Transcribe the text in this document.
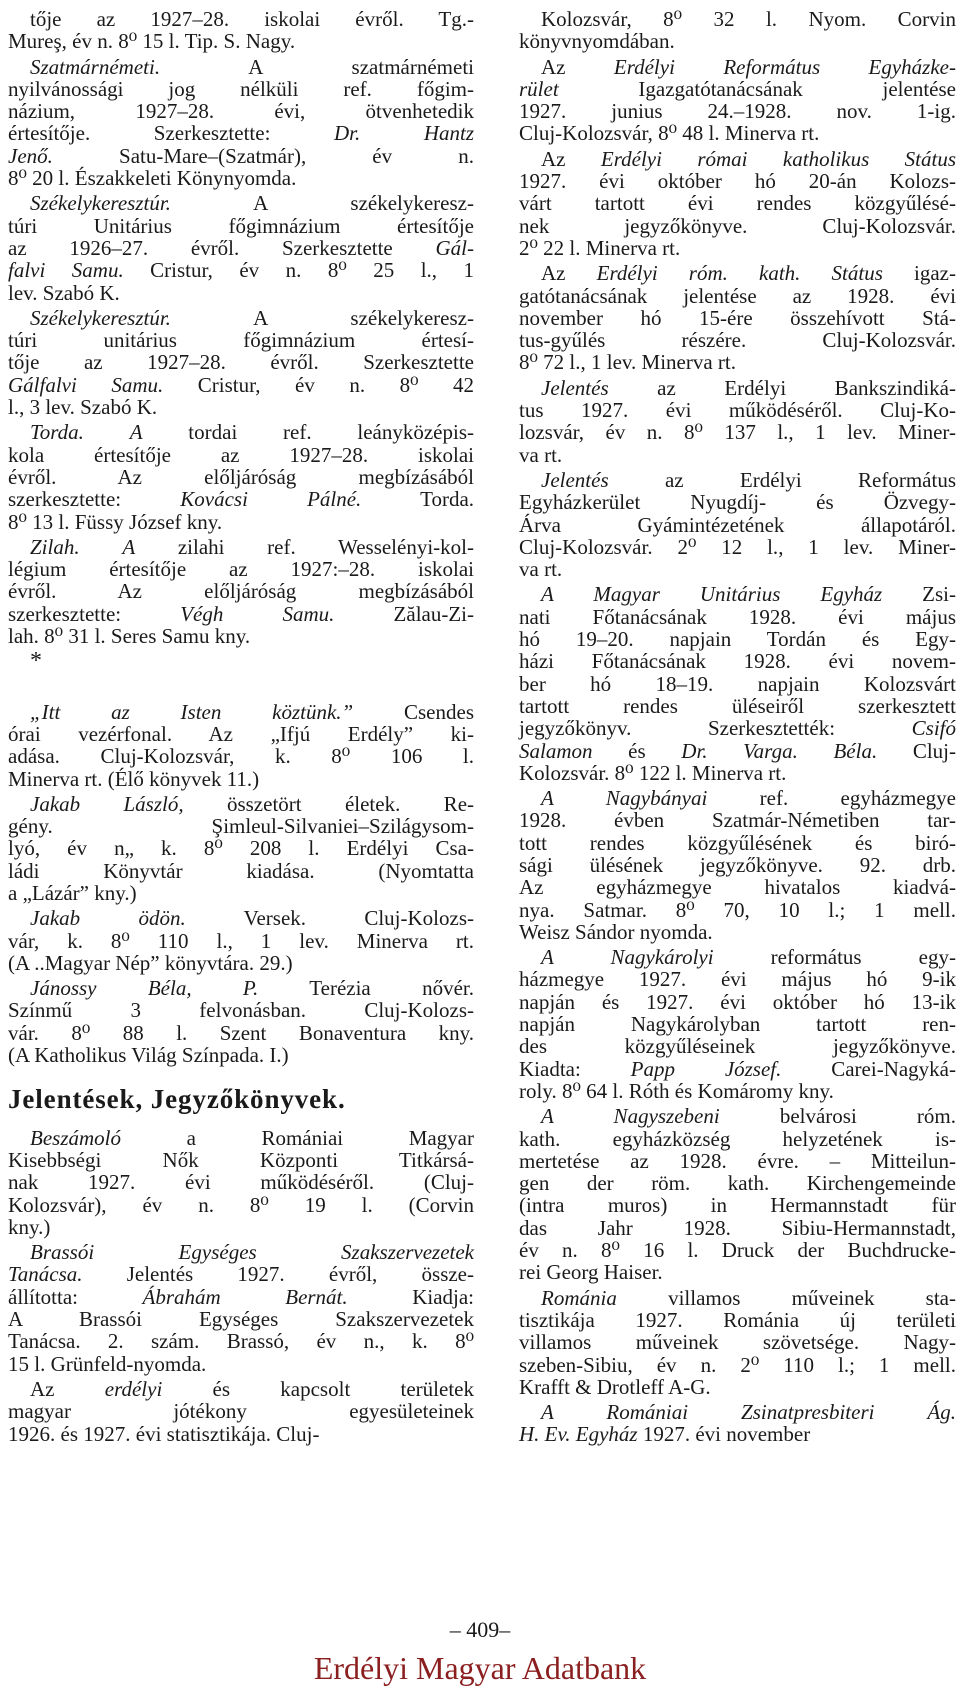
tője az 1927–28. iskolai évről. Tg.-
Mureş, év n. 8⁰ 15 l. Tip. S. Nagy.
Szatmárnémeti. A szatmárnémeti
nyilvánossági jog nélküli ref. főgim-
názium, 1927–28. évi, ötvenhetedik
értesítője. Szerkesztette: Dr. Hantz
Jenő. Satu-Mare–(Szatmár), év n.
8⁰ 20 l. Északkeleti Könynyomda.
Székelykeresztúr. A székelykeresz-
túri Unitárius főgimnázium értesítője
az 1926–27. évről. Szerkesztette Gál-
falvi Samu. Cristur, év n. 8⁰ 25 l., 1
lev. Szabó K.
Székelykeresztúr. A székelykeresz-
túri unitárius főgimnázium értesí-
tője az 1927–28. évről. Szerkesztette
Gálfalvi Samu. Cristur, év n. 8⁰ 42
l., 3 lev. Szabó K.
Torda. A tordai ref. leányközépis-
kola értesítője az 1927–28. iskolai
évről. Az előljáróság megbízásából
szerkesztette: Kovácsi Pálné. Torda.
8⁰ 13 l. Füssy József kny.
Zilah. A zilahi ref. Wesselényi-kol-
légium értesítője az 1927:–28. iskolai
évről. Az előljáróság megbízásából
szerkesztette: Végh Samu. Zălau-Zi-
lah. 8⁰ 31 l. Seres Samu kny.
*
„Itt az Isten köztünk.” Csendes
órai vezérfonal. Az „Ifjú Erdély” ki-
adása. Cluj-Kolozsvár, k. 8⁰ 106 l.
Minerva rt. (Élő könyvek 11.)
Jakab László, összetört életek. Re-
gény. Şimleul-Silvaniei–Szilágysom-
lyó, év n„ k. 8⁰ 208 l. Erdélyi Csa-
ládi Könyvtár kiadása. (Nyomtatta
a „Lázár” kny.)
Jakab ödön. Versek. Cluj-Kolozs-
vár, k. 8⁰ 110 l., 1 lev. Minerva rt.
(A ..Magyar Nép” könyvtára. 29.)
Jánossy Béla, P. Terézia nővér.
Színmű 3 felvonásban. Cluj-Kolozs-
vár. 8⁰ 88 l. Szent Bonaventura kny.
(A Katholikus Világ Színpada. I.)
Jelentések, Jegyzőkönyvek.
Beszámoló a Romániai Magyar
Kisebbségi Nők Központi Titkársá-
nak 1927. évi működéséről. (Cluj-
Kolozsvár), év n. 8⁰ 19 l. (Corvin
kny.)
Brassói Egységes Szakszervezetek
Tanácsa. Jelentés 1927. évről, össze-
állította: Ábrahám Bernát. Kiadja:
A Brassói Egységes Szakszervezetek
Tanácsa. 2. szám. Brassó, év n., k. 8⁰
15 l. Grünfeld-nyomda.
Az erdélyi és kapcsolt területek
magyar jótékony egyesületeinek
1926. és 1927. évi statisztikája. Cluj-
Kolozsvár, 8⁰ 32 l. Nyom. Corvin
könyvnyomdában.
Az Erdélyi Református Egyházke-
rület Igazgatótanácsának jelentése
1927. junius 24.–1928. nov. 1-ig.
Cluj-Kolozsvár, 8⁰ 48 l. Minerva rt.
Az Erdélyi római katholikus Státus
1927. évi október hó 20-án Kolozs-
várt tartott évi rendes közgyűlésé-
nek jegyzőkönyve. Cluj-Kolozsvár.
2⁰ 22 l. Minerva rt.
Az Erdélyi róm. kath. Státus igaz-
gatótanácsának jelentése az 1928. évi
november hó 15-ére összehívott Stá-
tus-gyűlés részére. Cluj-Kolozsvár.
8⁰ 72 l., 1 lev. Minerva rt.
Jelentés az Erdélyi Bankszindiká-
tus 1927. évi működéséről. Cluj-Ko-
lozsvár, év n. 8⁰ 137 l., 1 lev. Miner-
va rt.
Jelentés az Erdélyi Református
Egyházkerület Nyugdíj- és Özvegy-
Árva Gyámintézetének állapotáról.
Cluj-Kolozsvár. 2⁰ 12 l., 1 lev. Miner-
va rt.
A Magyar Unitárius Egyház Zsi-
nati Főtanácsának 1928. évi május
hó 19–20. napjain Tordán és Egy-
házi Főtanácsának 1928. évi novem-
ber hó 18–19. napjain Kolozsvárt
tartott rendes üléseiről szerkesztett
jegyzőkönyv. Szerkesztették: Csifó
Salamon és Dr. Varga. Béla. Cluj-
Kolozsvár. 8⁰ 122 l. Minerva rt.
A Nagybányai ref. egyházmegye
1928. évben Szatmár-Németiben tar-
tott rendes közgyűlésének és biró-
sági ülésének jegyzőkönyve. 92. drb.
Az egyházmegye hivatalos kiadvá-
nya. Satmar. 8⁰ 70, 10 l.; 1 mell.
Weisz Sándor nyomda.
A Nagykárolyi református egy-
házmegye 1927. évi május hó 9-ik
napján és 1927. évi október hó 13-ik
napján Nagykárolyban tartott ren-
des közgyűléseinek jegyzőkönyve.
Kiadta: Papp József. Carei-Nagyká-
roly. 8⁰ 64 l. Róth és Komáromy kny.
A Nagyszebeni belvárosi róm.
kath. egyházközség helyzetének is-
mertetése az 1928. évre. – Mitteilun-
gen der röm. kath. Kirchengemeinde
(intra muros) in Hermannstadt für
das Jahr 1928. Sibiu-Hermannstadt,
év n. 8⁰ 16 l. Druck der Buchdrucke-
rei Georg Haiser.
Románia villamos műveinek sta-
tisztikája 1927. Románia új területi
villamos műveinek szövetsége. Nagy-
szeben-Sibiu, év n. 2⁰ 110 l.; 1 mell.
Krafft & Drotleff A-G.
A Romániai Zsinatpresbiteri Ág.
H. Ev. Egyház 1927. évi november
– 409–
Erdélyi Magyar Adatbank
